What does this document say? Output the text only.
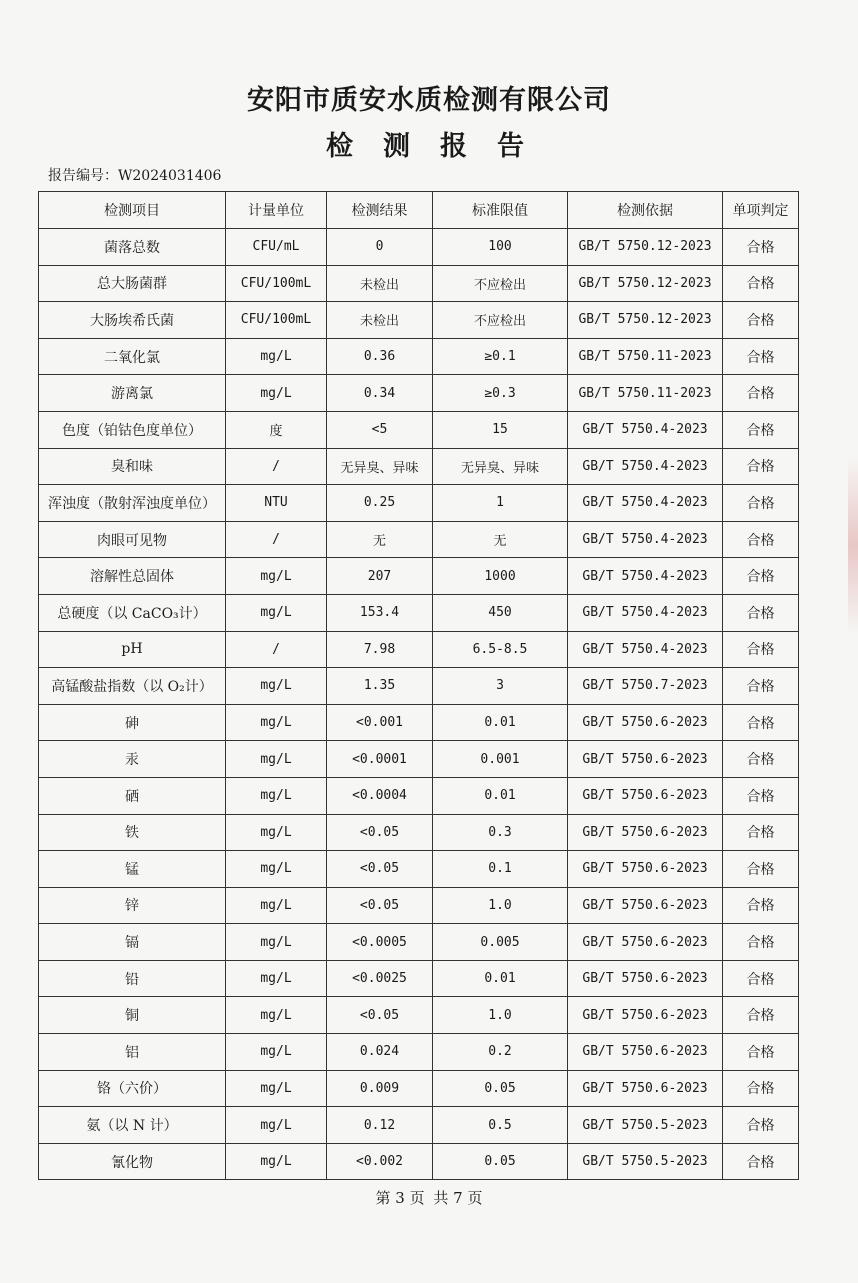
安阳市质安水质检测有限公司
检测报告
报告编号：W2024031406
检测项目	计量单位	检测结果	标准限值	检测依据	单项判定
菌落总数	CFU/mL	0	100	GB/T 5750.12-2023	合格
总大肠菌群	CFU/100mL	未检出	不应检出	GB/T 5750.12-2023	合格
大肠埃希氏菌	CFU/100mL	未检出	不应检出	GB/T 5750.12-2023	合格
二氧化氯	mg/L	0.36	≥0.1	GB/T 5750.11-2023	合格
游离氯	mg/L	0.34	≥0.3	GB/T 5750.11-2023	合格
色度（铂钴色度单位）	度	<5	15	GB/T 5750.4-2023	合格
臭和味	/	无异臭、异味	无异臭、异味	GB/T 5750.4-2023	合格
浑浊度（散射浑浊度单位）	NTU	0.25	1	GB/T 5750.4-2023	合格
肉眼可见物	/	无	无	GB/T 5750.4-2023	合格
溶解性总固体	mg/L	207	1000	GB/T 5750.4-2023	合格
总硬度（以 CaCO₃计）	mg/L	153.4	450	GB/T 5750.4-2023	合格
pH	/	7.98	6.5-8.5	GB/T 5750.4-2023	合格
高锰酸盐指数（以 O₂计）	mg/L	1.35	3	GB/T 5750.7-2023	合格
砷	mg/L	<0.001	0.01	GB/T 5750.6-2023	合格
汞	mg/L	<0.0001	0.001	GB/T 5750.6-2023	合格
硒	mg/L	<0.0004	0.01	GB/T 5750.6-2023	合格
铁	mg/L	<0.05	0.3	GB/T 5750.6-2023	合格
锰	mg/L	<0.05	0.1	GB/T 5750.6-2023	合格
锌	mg/L	<0.05	1.0	GB/T 5750.6-2023	合格
镉	mg/L	<0.0005	0.005	GB/T 5750.6-2023	合格
铅	mg/L	<0.0025	0.01	GB/T 5750.6-2023	合格
铜	mg/L	<0.05	1.0	GB/T 5750.6-2023	合格
铝	mg/L	0.024	0.2	GB/T 5750.6-2023	合格
铬（六价）	mg/L	0.009	0.05	GB/T 5750.6-2023	合格
氨（以 N 计）	mg/L	0.12	0.5	GB/T 5750.5-2023	合格
氰化物	mg/L	<0.002	0.05	GB/T 5750.5-2023	合格
第 3 页 共 7 页
